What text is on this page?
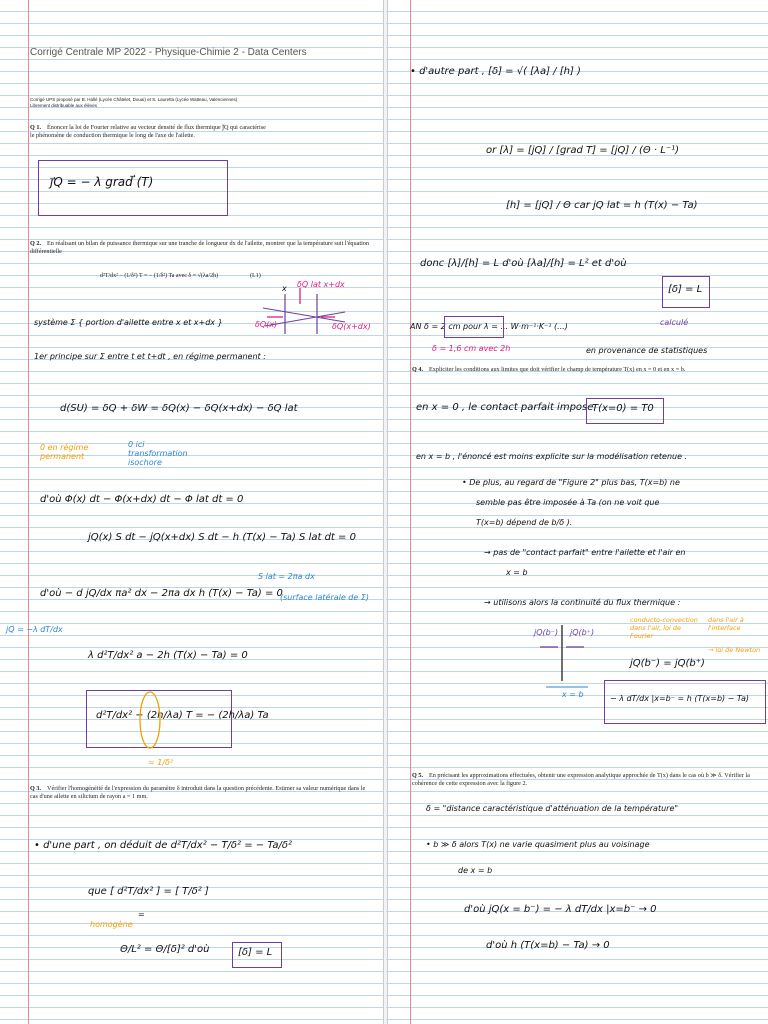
Corrigé Centrale MP 2022 - Physique-Chimie 2 - Data Centers
Corrigé UPS proposé par B. Hallé (Lycée Châtelet, Douai) et S. Lauretta (Lycée Watteau, Valenciennes)
Librement distribuable aux élèves
Q 1. Énoncer la loi de Fourier relative au vecteur densité de flux thermique j⃗Q qui caractérise le phénomène de conduction thermique le long de l'axe de l'ailette.
j⃗Q = − λ grad⃗ (T)
Q 2. En réalisant un bilan de puissance thermique sur une tranche de longueur dx de l'ailette, montrer que la température suit l'équation différentielle
d²T/dx² − (1/δ²) T = − (1/δ²) Ta avec δ = √(λa/2h)	(I.1)
δQ lat x+dx
δQ(x)	δQ(x+dx)
x
système Σ { portion d'ailette entre x et x+dx }
1er principe sur Σ entre t et t+dt , en régime permanent :
d(SU) = δQ + δW = δQ(x) − δQ(x+dx) − δQ lat
0 en régime permanent
0 ici transformation isochore
d'où Φ(x) dt − Φ(x+dx) dt − Φ lat dt = 0
jQ(x) S dt − jQ(x+dx) S dt − h (T(x) − Ta) S lat dt = 0
S lat = 2πa dx
d'où − d jQ/dx πa² dx − 2πa dx h (T(x) − Ta) = 0
(surface latérale de Σ)
jQ = −λ dT/dx
λ d²T/dx² a − 2h (T(x) − Ta) = 0
d²T/dx² − (2h/λa) T = − (2h/λa) Ta
= 1/δ²
Q 3. Vérifier l'homogénéité de l'expression du paramètre δ introduit dans la question précédente. Estimer sa valeur numérique dans le cas d'une ailette en silicium de rayon a = 1 mm.
• d'une part , on déduit de d²T/dx² − T/δ² = − Ta/δ²
que [ d²T/dx² ] = [ T/δ² ]
homogène
=
Θ/L² = Θ/[δ]² d'où	[δ] = L
• d'autre part , [δ] = √( [λa] / [h] )
or [λ] = [jQ] / [grad T] = [jQ] / (Θ · L⁻¹)
[h] = [jQ] / Θ car jQ lat = h (T(x) − Ta)
donc [λ]/[h] = L d'où [λa]/[h] = L² et d'où
[δ] = L
AN δ = 2 cm pour λ = ... W·m⁻¹·K⁻¹ (...)
δ = 1,6 cm avec 2h
calculé
en provenance de statistiques
Q 4. Expliciter les conditions aux limites que doit vérifier le champ de température T(x) en x = 0 et en x = b.
en x = 0 , le contact parfait impose
T(x=0) = T0
en x = b , l'énoncé est moins explicite sur la modélisation retenue .
• De plus, au regard de "Figure 2" plus bas, T(x=b) ne
semble pas être imposée à Ta (on ne voit que
T(x=b) dépend de b/δ ).
→ pas de "contact parfait" entre l'ailette et l'air en
x = b
→ utilisons alors la continuité du flux thermique :
jQ(b⁻) jQ(b⁺)
x = b
conducto-convection dans l'air, loi de Fourier
dans l'air à l'interface
→ loi de Newton
jQ(b⁻) = jQ(b⁺)
− λ dT/dx |x=b⁻ = h (T(x=b) − Ta)
Q 5. En précisant les approximations effectuées, obtenir une expression analytique approchée de T(x) dans le cas où b ≫ δ. Vérifier la cohérence de cette expression avec la figure 2.
δ = "distance caractéristique d'atténuation de la température"
• b ≫ δ alors T(x) ne varie quasiment plus au voisinage
de x = b
d'où jQ(x = b⁻) = − λ dT/dx |x=b⁻ → 0
d'où h (T(x=b) − Ta) → 0
